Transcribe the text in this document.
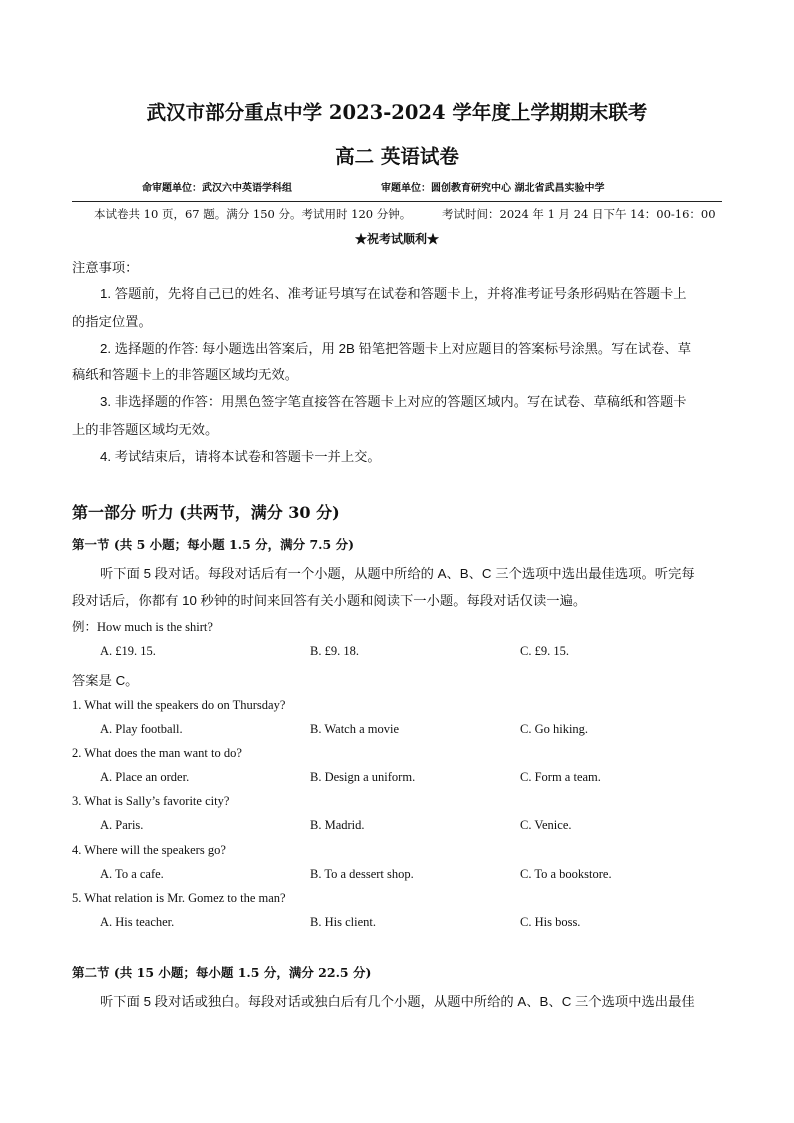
武汉市部分重点中学 2023-2024 学年度上学期期末联考
高二 英语试卷
命审题单位：武汉六中英语学科组	审题单位：圆创教育研究中心 湖北省武昌实验中学
本试卷共 10 页，67 题。满分 150 分。考试用时 120 分钟。	考试时间：2024 年 1 月 24 日下午 14：00-16：00
★祝考试顺利★
注意事项：
1. 答题前，先将自己已的姓名、准考证号填写在试卷和答题卡上，并将准考证号条形码贴在答题卡上
的指定位置。
2. 选择题的作答: 每小题选出答案后，用 2B 铅笔把答题卡上对应题目的答案标号涂黑。写在试卷、草
稿纸和答题卡上的非答题区域均无效。
3. 非选择题的作答：用黑色签字笔直接答在答题卡上对应的答题区域内。写在试卷、草稿纸和答题卡
上的非答题区域均无效。
4. 考试结束后，请将本试卷和答题卡一并上交。
第一部分 听力 (共两节，满分 30 分)
第一节 (共 5 小题；每小题 1.5 分，满分 7.5 分)
听下面 5 段对话。每段对话后有一个小题，从题中所给的 A、B、C 三个选项中选出最佳选项。听完每
段对话后，你都有 10 秒钟的时间来回答有关小题和阅读下一小题。每段对话仅读一遍。
例：How much is the shirt?
A. £19. 15.	B. £9. 18.	C. £9. 15.
答案是 C。
1. What will the speakers do on Thursday?
A. Play football.	B. Watch a movie	C. Go hiking.
2. What does the man want to do?
A. Place an order.	B. Design a uniform.	C. Form a team.
3. What is Sally’s favorite city?
A. Paris.	B. Madrid.	C. Venice.
4. Where will the speakers go?
A. To a cafe.	B. To a dessert shop.	C. To a bookstore.
5. What relation is Mr. Gomez to the man?
A. His teacher.	B. His client.	C. His boss.
第二节 (共 15 小题；每小题 1.5 分，满分 22.5 分)
听下面 5 段对话或独白。每段对话或独白后有几个小题，从题中所给的 A、B、C 三个选项中选出最佳
